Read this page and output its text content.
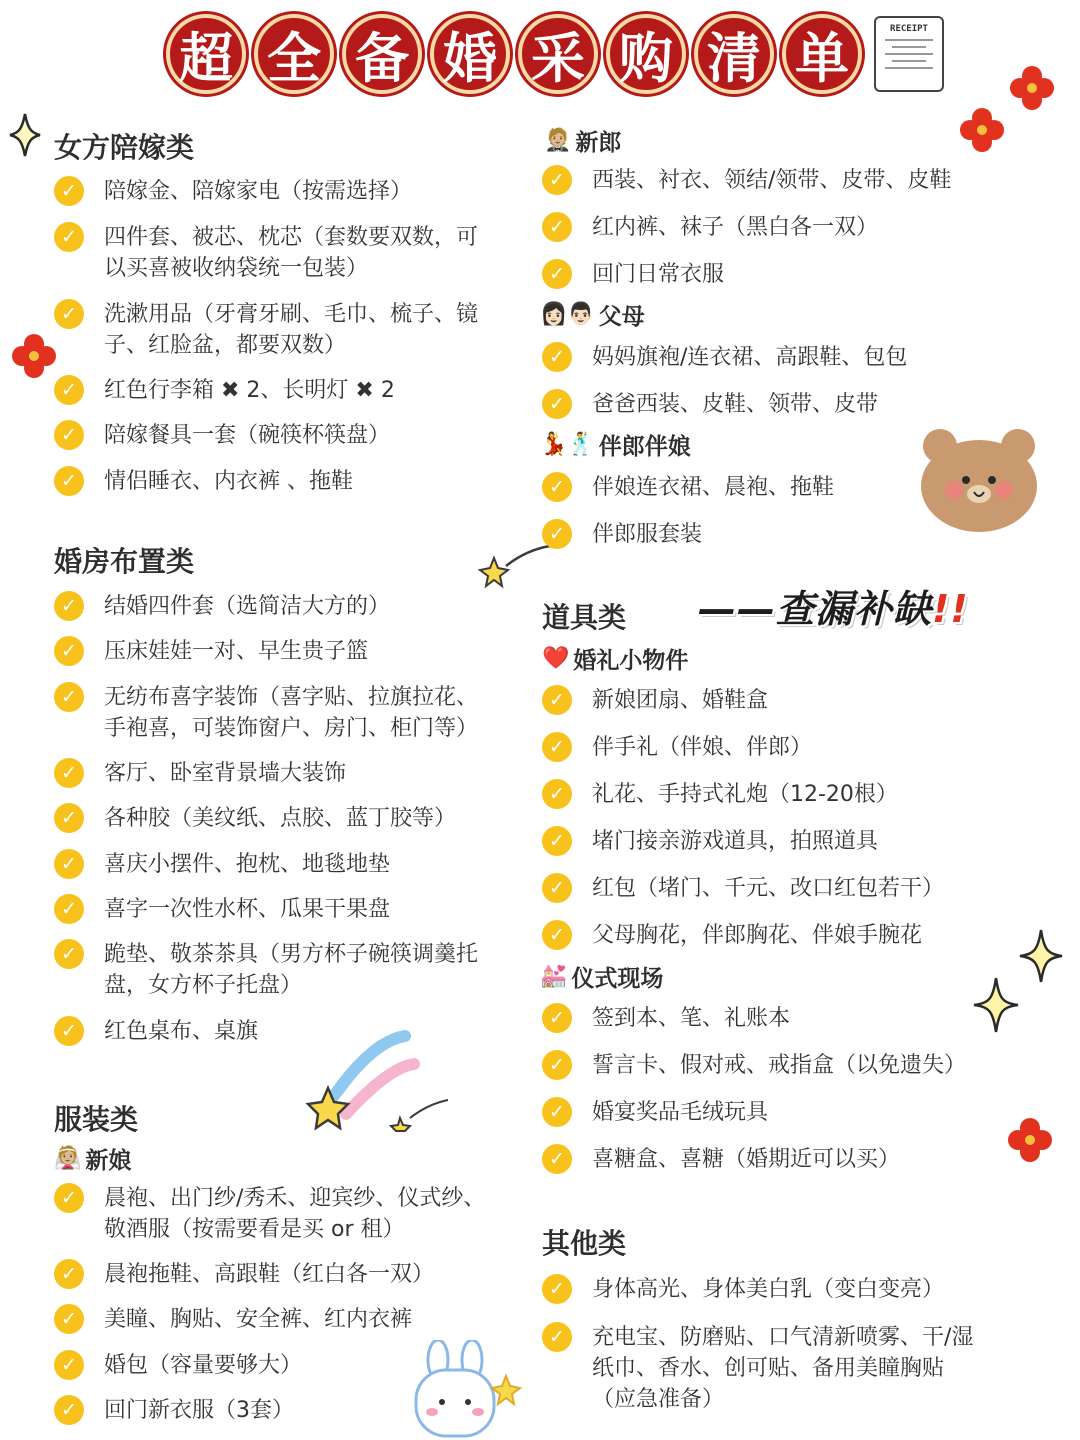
超 全 备 婚 采 购 清 单	RECEIPT
——查漏补缺!!
女方陪嫁类
✓	陪嫁金、陪嫁家电（按需选择）
✓	四件套、被芯、枕芯（套数要双数，可
以买喜被收纳袋统一包装）
✓	洗漱用品（牙膏牙刷、毛巾、梳子、镜
子、红脸盆，都要双数）
✓	红色行李箱 ✖ 2、长明灯 ✖ 2
✓	陪嫁餐具一套（碗筷杯筷盘）
✓	情侣睡衣、内衣裤 、拖鞋
婚房布置类
✓	结婚四件套（选简洁大方的）
✓	压床娃娃一对、早生贵子篮
✓	无纺布喜字装饰（喜字贴、拉旗拉花、
手袍喜，可装饰窗户、房门、柜门等）
✓	客厅、卧室背景墙大装饰
✓	各种胶（美纹纸、点胶、蓝丁胶等）
✓	喜庆小摆件、抱枕、地毯地垫
✓	喜字一次性水杯、瓜果干果盘
✓	跪垫、敬茶茶具（男方杯子碗筷调羹托
盘，女方杯子托盘）
✓	红色桌布、桌旗
服装类
👰🏼 新娘
✓	晨袍、出门纱/秀禾、迎宾纱、仪式纱、
敬酒服（按需要看是买 or 租）
✓	晨袍拖鞋、高跟鞋（红白各一双）
✓	美瞳、胸贴、安全裤、红内衣裤
✓	婚包（容量要够大）
✓	回门新衣服（3套）
🤵🏼 新郎
✓	西装、衬衣、领结/领带、皮带、皮鞋
✓	红内裤、袜子（黑白各一双）
✓	回门日常衣服
👩🏻👨🏻 父母
✓	妈妈旗袍/连衣裙、高跟鞋、包包
✓	爸爸西装、皮鞋、领带、皮带
💃🕺 伴郎伴娘
✓	伴娘连衣裙、晨袍、拖鞋
✓	伴郎服套装
道具类
❤️ 婚礼小物件
✓	新娘团扇、婚鞋盒
✓	伴手礼（伴娘、伴郎）
✓	礼花、手持式礼炮（12-20根）
✓	堵门接亲游戏道具，拍照道具
✓	红包（堵门、千元、改口红包若干）
✓	父母胸花，伴郎胸花、伴娘手腕花
💒 仪式现场
✓	签到本、笔、礼账本
✓	誓言卡、假对戒、戒指盒（以免遗失）
✓	婚宴奖品毛绒玩具
✓	喜糖盒、喜糖（婚期近可以买）
其他类
✓	身体高光、身体美白乳（变白变亮）
✓	充电宝、防磨贴、口气清新喷雾、干/湿
纸巾、香水、创可贴、备用美瞳胸贴
（应急准备）
